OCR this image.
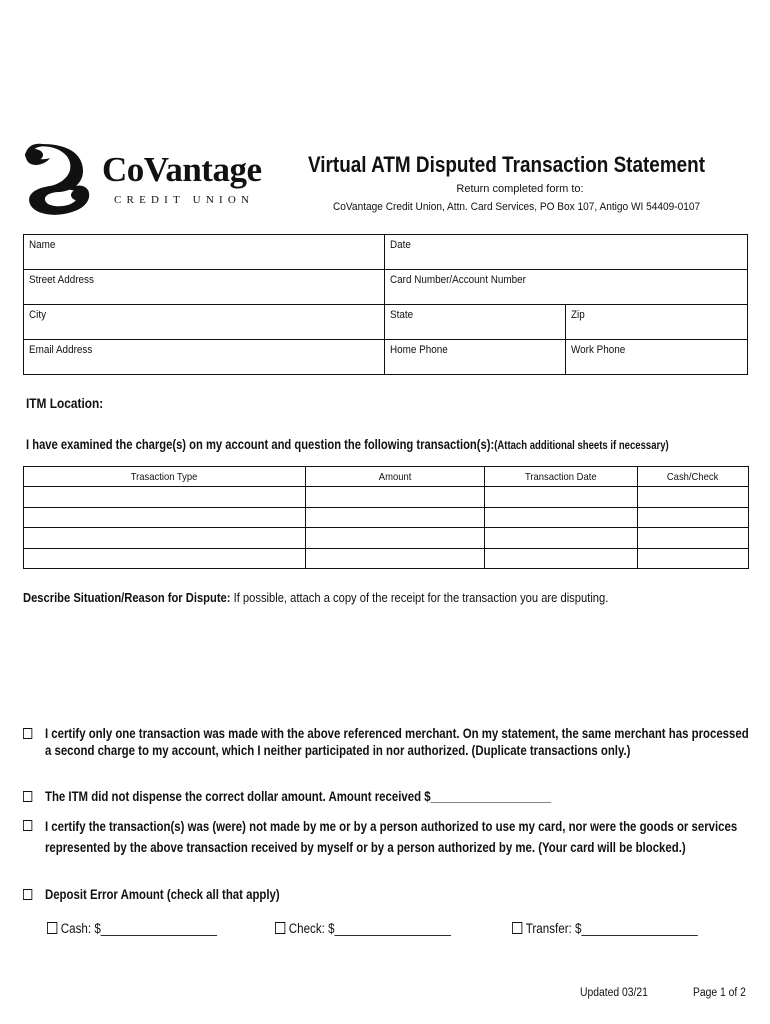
CoVantage
CREDIT UNION
Virtual ATM Disputed Transaction Statement
Return completed form to:
CoVantage Credit Union, Attn. Card Services, PO Box 107, Antigo WI 54409-0107
Name	Date	
Street Address	Card Number/Account Number	
City	State	Zip
Email Address	Home Phone	Work Phone
ITM Location:
I have examined the charge(s) on my account and question the following transaction(s):(Attach additional sheets if necessary)
Trasaction Type	Amount	Transaction Date	Cash/Check

Describe Situation/Reason for Dispute: If possible, attach a copy of the receipt for the transaction you are disputing.
I certify only one transaction was made with the above referenced merchant. On my statement, the same merchant has processed a second charge to my account, which I neither participated in nor authorized. (Duplicate transactions only.)
The ITM did not dispense the correct dollar amount. Amount received $___________________
I certify the transaction(s) was (were) not made by me or by a person authorized to use my card, nor were the goods or services represented by the above transaction received by myself or by a person authorized by me. (Your card will be blocked.)
Deposit Error Amount (check all that apply)
Cash: $__________________	Check: $__________________	Transfer: $__________________
Updated 03/21	Page 1 of 2
